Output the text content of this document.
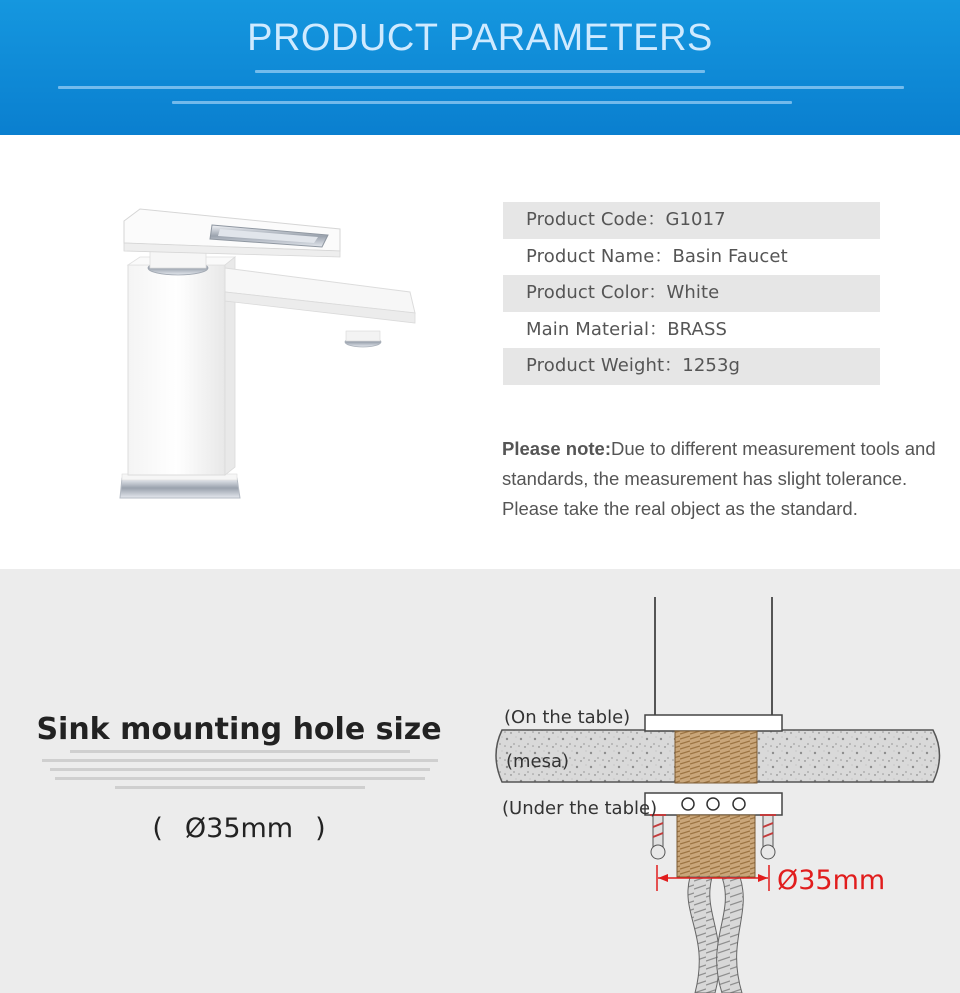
PRODUCT PARAMETERS
Product Code：G1017
Product Name：Basin Faucet
Product Color：White
Main Material：BRASS
Product Weight：1253g
Please note:Due to different measurement tools and standards, the measurement has slight tolerance. Please take the real object as the standard.
Sink mounting hole size
( Ø35mm )
(On the table)
(mesa)
(Under the table)
Ø35mm
